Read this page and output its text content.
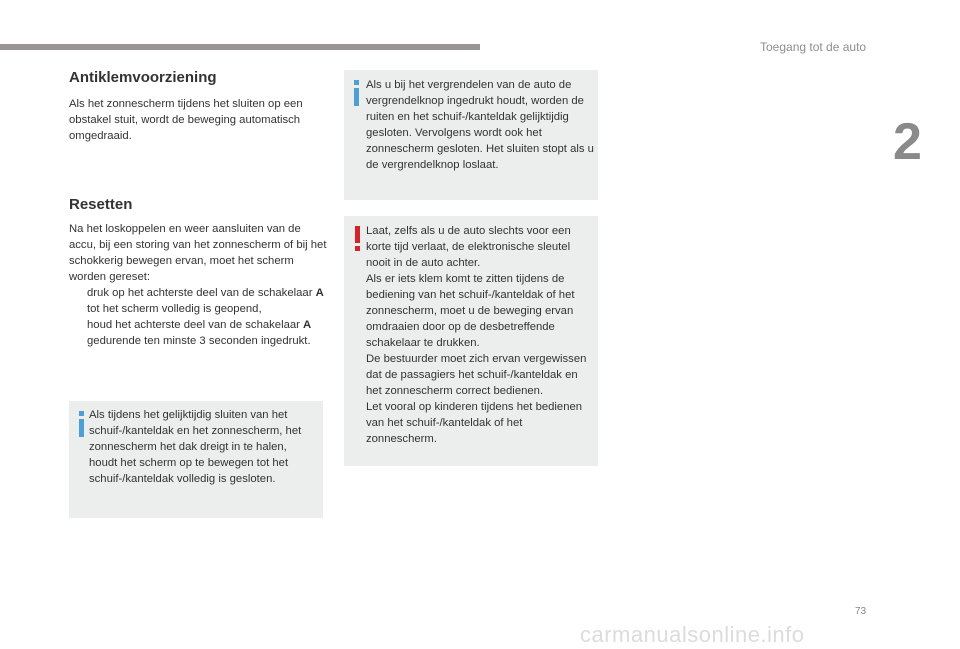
Toegang tot de auto
2
Antiklemvoorziening

Als het zonnescherm tijdens het sluiten op een obstakel stuit, wordt de beweging automatisch omgedraaid.

Resetten

Na het loskoppelen en weer aansluiten van de accu, bij een storing van het zonnescherm of bij het schokkerig bewegen ervan, moet het scherm worden gereset:

druk op het achterste deel van de schakelaar A tot het scherm volledig is geopend,
houd het achterste deel van de schakelaar A gedurende ten minste 3 seconden ingedrukt.
Als tijdens het gelijktijdig sluiten van het schuif-/kanteldak en het zonnescherm, het zonnescherm het dak dreigt in te halen, houdt het scherm op te bewegen tot het schuif-/kanteldak volledig is gesloten.
Als u bij het vergrendelen van de auto de vergrendelknop ingedrukt houdt, worden de ruiten en het schuif-/kanteldak gelijktijdig gesloten. Vervolgens wordt ook het zonnescherm gesloten. Het sluiten stopt als u de vergrendelknop loslaat.
Laat, zelfs als u de auto slechts voor een korte tijd verlaat, de elektronische sleutel nooit in de auto achter.
Als er iets klem komt te zitten tijdens de bediening van het schuif-/kanteldak of het zonnescherm, moet u de beweging ervan omdraaien door op de desbetreffende schakelaar te drukken.
De bestuurder moet zich ervan vergewissen dat de passagiers het schuif-/kanteldak en het zonnescherm correct bedienen.
Let vooral op kinderen tijdens het bedienen van het schuif-/kanteldak of het zonnescherm.
73
carmanualsonline.info
